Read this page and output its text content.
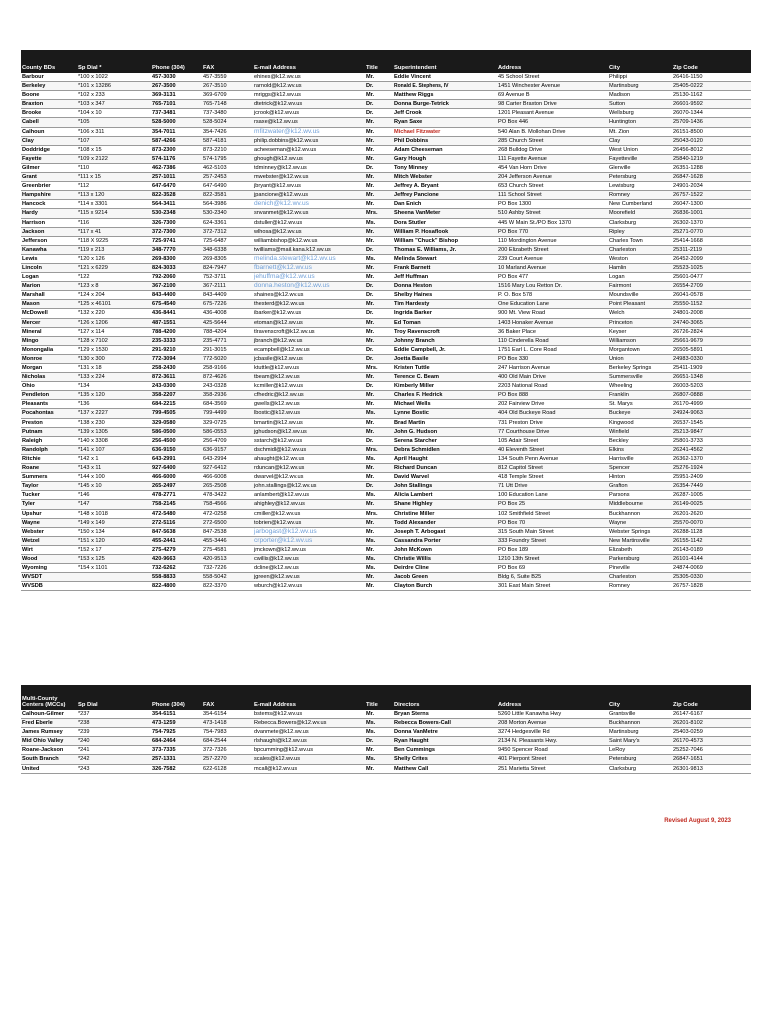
County BDs	Sp Dial *	Phone (304)	FAX	E-mail Address	Title	Superintendent	Address	City	Zip Code
Barbour	*100 x 1022	457-3030	457-3559	ehines@k12.wv.us	Mr.	Eddie Vincent	45 School Street	Philippi	26416-1150
Berkeley	*101 x 13286	267-3500	267-3510	rarnold@k12.wv.us	Dr.	Ronald E. Stephens, IV	1451 Winchester Avenue	Martinsburg	25405-0222
Boone	*102 x 233	369-3131	369-6709	mriggs@k12.wv.us	Mr.	Matthew Riggs	69 Avenue B	Madison	25130-1162
Braxton	*103 x 347	765-7101	765-7148	dtetrick@k12.wv.us	Dr.	Donna Burge-Tetrick	98 Carter Braxton Drive	Sutton	26601-9592
Brooke	*104 x 10	737-3481	737-3480	jcrook@k12.wv.us	Dr.	Jeff Crook	1201 Pleasant Avenue	Wellsburg	26070-1344
Cabell	*105	528-5000	528-5024	rsaxe@k12.wv.us	Mr.	Ryan Saxe	PO Box 446	Huntington	25709-1436
Calhoun	*106 x 311	354-7011	354-7426	mfitzwater@k12.wv.us	Mr.	Michael Fitzwater	540 Alan B. Mollohan Drive	Mt. Zion	26151-8500
Clay	*107	587-4266	587-4181	philip.dobbins@k12.wv.us	Mr.	Phil Dobbins	285 Church Street	Clay	25043-0120
Doddridge	*108 x 15	873-2300	873-2210	acheeseman@k12.wv.us	Mr.	Adam Cheeseman	268 Bulldog Drive	West Union	26456-8012
Fayette	*109 x 2122	574-1176	574-1795	ghough@k12.wv.us	Mr.	Gary Hough	111 Fayette Avenue	Fayetteville	25840-1219
Gilmer	*110	462-7386	462-5103	tdminney@k12.wv.us	Dr.	Tony Minney	454 Van Horn Drive	Glenville	26351-1288
Grant	*111 x 15	257-1011	257-2453	mwebster@k12.wv.us	Mr.	Mitch Webster	204 Jefferson Avenue	Petersburg	26847-1628
Greenbrier	*112	647-6470	647-6490	jbryant@k12.wv.us	Mr.	Jeffrey A. Bryant	653 Church Street	Lewisburg	24901-2034
Hampshire	*113 x 120	822-3528	822-3581	jpancione@k12.wv.us	Mr.	Jeffrey Pancione	111 School Street	Romney	26757-1522
Hancock	*114 x 3301	564-3411	564-3986	denich@k12.wv.us	Mr.	Dan Enich	PO Box 1300	New Cumberland	26047-1300
Hardy	*115 x 9214	530-2348	530-2340	snvanmet@k12.wv.us	Mrs.	Sheena VanMeter	510 Ashby Street	Moorefield	26836-1001
Harrison	*116	326-7300	624-3361	dstuller@k12.wv.us	Ms.	Dora Stutler	445 W Main St./PO Box 1370	Clarksburg	26302-1370
Jackson	*117 x 41	372-7300	372-7312	wlhosa@k12.wv.us	Mr.	William P. Hosaflook	PO Box 770	Ripley	25271-0770
Jefferson	*118 X 9225	725-9741	725-6487	williambishop@k12.wv.us	Mr.	William "Chuck" Bishop	110 Mordington Avenue	Charles Town	25414-1668
Kanawha	*119 x 213	348-7770	348-6338	twilliams@mail.kana.k12.wv.us	Dr.	Thomas E. Williams, Jr.	200 Elizabeth Street	Charleston	25311-2119
Lewis	*120 x 126	269-8300	269-8305	melinda.stewart@k12.wv.us	Ms.	Melinda Stewart	239 Court Avenue	Weston	26452-2099
Lincoln	*121 x 6229	824-3033	824-7947	fbarnett@k12.wv.us	Mr.	Frank Barnett	10 Marland Avenue	Hamlin	25523-1025
Logan	*122	792-2060	752-3711	jehuffma@k12.wv.us	Mr.	Jeff Huffman	PO Box 477	Logan	25601-0477
Marion	*123 x 8	367-2100	367-2111	donna.heston@k12.wv.us	Dr.	Donna Heston	1516 Mary Lou Retton Dr.	Fairmont	26554-2709
Marshall	*124 x 204	843-4400	843-4409	shaines@k12.wv.us	Dr.	Shelby Haines	P. O. Box 578	Moundsville	26041-0578
Mason	*125 x 46101	675-4540	675-7226	thesterd@k12.wv.us	Mr.	Tim Hardesty	One Education Lane	Point Pleasant	25550-1152
McDowell	*132 x 220	436-8441	436-4008	ibarker@k12.wv.us	Dr.	Ingrida Barker	900 Mt. View Road	Welch	24801-2008
Mercer	*126 x 1206	487-1551	425-5644	etoman@k12.wv.us	Mr.	Ed Toman	1403 Honaker Avenue	Princeton	24740-3065
Mineral	*127 x 114	788-4200	788-4204	tlravenscroft@k12.wv.us	Mr.	Troy Ravenscroft	36 Baker Place	Keyser	26726-2824
Mingo	*128 x 7102	235-3333	235-4771	jbranch@k12.wv.us	Mr.	Johnny Branch	110 Cinderella Road	Williamson	25661-9679
Monongalia	*129 x 1530	291-9210	291-3015	ecampbell@k12.wv.us	Dr.	Eddie Campbell, Jr.	1751 Earl L. Core Road	Morgantown	26505-5891
Monroe	*130 x 300	772-3094	772-5020	jcbasile@k12.wv.us	Dr.	Joetta Basile	PO Box 330	Union	24983-0330
Morgan	*131 x 18	258-2430	258-9166	ktuttle@k12.wv.us	Mrs.	Kristen Tuttle	247 Harrison Avenue	Berkeley Springs	25411-1909
Nicholas	*133 x 224	872-3611	872-4626	tbeam@k12.wv.us	Mr.	Terence C. Beam	400 Old Main Drive	Summersville	26651-1348
Ohio	*134	243-0300	243-0328	kcmiller@k12.wv.us	Dr.	Kimberly Miller	2203 National Road	Wheeling	26003-5203
Pendleton	*135 x 120	358-2207	358-2936	cfhedric@k12.wv.us	Mr.	Charles F. Hedrick	PO Box 888	Franklin	26807-0888
Pleasants	*136	684-2215	684-3569	gwells@k12.wv.us	Mr.	Michael Wells	202 Fairview Drive	St. Marys	26170-4999
Pocahontas	*137 x 2227	799-4505	799-4499	lbostic@k12.wv.us	Ms.	Lynne Bostic	404 Old Buckeye Road	Buckeye	24924-9063
Preston	*138 x 230	329-0580	329-0725	bmartin@k12.wv.us	Mr.	Brad Martin	731 Preston Drive	Kingwood	26537-1545
Putnam	*139 x 1305	586-0500	586-0553	jghudson@k12.wv.us	Mr.	John G. Hudson	77 Courthouse Drive	Winfield	25213-9847
Raleigh	*140 x 3308	256-4500	256-4709	sstarch@k12.wv.us	Dr.	Serena Starcher	105 Adair Street	Beckley	25801-3733
Randolph	*141 x 107	636-9150	636-9157	dschmidl@k12.wv.us	Mrs.	Debra Schmidlen	40 Eleventh Street	Elkins	26241-4562
Ritchie	*142 x 1	643-2991	643-2994	ahaught@k12.wv.us	Ms.	April Haught	134 South Penn Avenue	Harrisville	26362-1370
Roane	*143 x 11	927-6400	927-6412	rduncan@k12.wv.us	Mr.	Richard Duncan	812 Capitol Street	Spencer	25276-1924
Summers	*144 x 100	466-6000	466-6008	dwarvel@k12.wv.us	Mr.	David Warvel	418 Temple Street	Hinton	25951-2409
Taylor	*145 x 10	265-2497	265-2508	john.stallings@k12.wv.us	Dr.	John Stallings	71 Utt Drive	Grafton	26354-7449
Tucker	*146	478-2771	478-3422	anlambert@k12.wv.us	Ms.	Alicia Lambert	100 Education Lane	Parsons	26287-1005
Tyler	*147	758-2145	758-4566	ahighley@k12.wv.us	Mr.	Shane Highley	PO Box 25	Middlebourne	26149-0025
Upshur	*148 x 1018	472-5480	472-0258	cmiller@k12.wv.us	Mrs.	Christine Miller	102 Smithfield Street	Buckhannon	26201-2620
Wayne	*149 x 149	272-5116	272-6500	tobrien@k12.wv.us	Mr.	Todd Alexander	PO Box 70	Wayne	25570-0070
Webster	*150 x 134	847-5638	847-2538	jarbogast@k12.wv.us	Mr.	Joseph T. Arbogast	315 South Main Street	Webster Springs	26288-1128
Wetzel	*151 x 120	455-2441	455-3446	crporter@k12.wv.us	Ms.	Cassandra Porter	333 Foundry Street	New Martinsville	26155-1142
Wirt	*152 x 17	275-4279	275-4581	jmckown@k12.wv.us	Mr.	John McKown	PO Box 189	Elizabeth	26143-0189
Wood	*153 x 125	420-9663	420-9513	cwillis@k12.wv.us	Ms.	Christie Willis	1210 13th Street	Parkersburg	26101-4144
Wyoming	*154 x 1101	732-6262	732-7226	dcline@k12.wv.us	Ms.	Deirdre Cline	PO Box 69	Pineville	24874-0069
WVSDT		558-8833	558-5042	jgreen@k12.wv.us	Mr.	Jacob Green	Bldg 6, Suite B25	Charleston	25305-0330
WVSDB		822-4800	822-3370	wburch@k12.wv.us	Mr.	Clayton Burch	301 East Main Street	Romney	26757-1828
Multi-County Centers (MCCs)	Sp Dial	Phone (304)	FAX	E-mail Address	Title	Directors	Address	City	Zip Code
Calhoun-Gilmer	*237	354-6151	354-6154	bstems@k12.wv.us	Mr.	Bryan Sterns	5260 Little Kanawha Hwy	Grantsville	26147-6167
Fred Eberle	*238	473-1259	473-1418	Rebecca.Bowers@k12.wv.us	Ms.	Rebecca Bowers-Call	208 Morton Avenue	Buckhannon	26201-8102
James Rumsey	*239	754-7925	754-7983	dvanmete@k12.wv.us	Ms.	Donna VanMetre	3274 Hedgesville Rd	Martinsburg	25403-0259
Mid Ohio Valley	*240	684-2464	684-2544	rlshaughi@k12.wv.us	Dr.	Ryan Haught	2134 N. Pleasants Hwy.	Saint Mary's	26170-4573
Roane-Jackson	*241	373-7335	372-7326	bpcumming@k12.wv.us	Mr.	Ben Cummings	9450 Spencer Road	LeRoy	25252-7046
South Branch	*242	257-1331	257-2270	scales@k12.wv.us	Ms.	Shelly Crites	401 Pierpont Street	Petersburg	26847-1651
United	*243	326-7582	622-6128	mcall@k12.wv.us	Mr.	Matthew Call	251 Marietta Street	Clarksburg	26301-9813
Revised August 9, 2023
